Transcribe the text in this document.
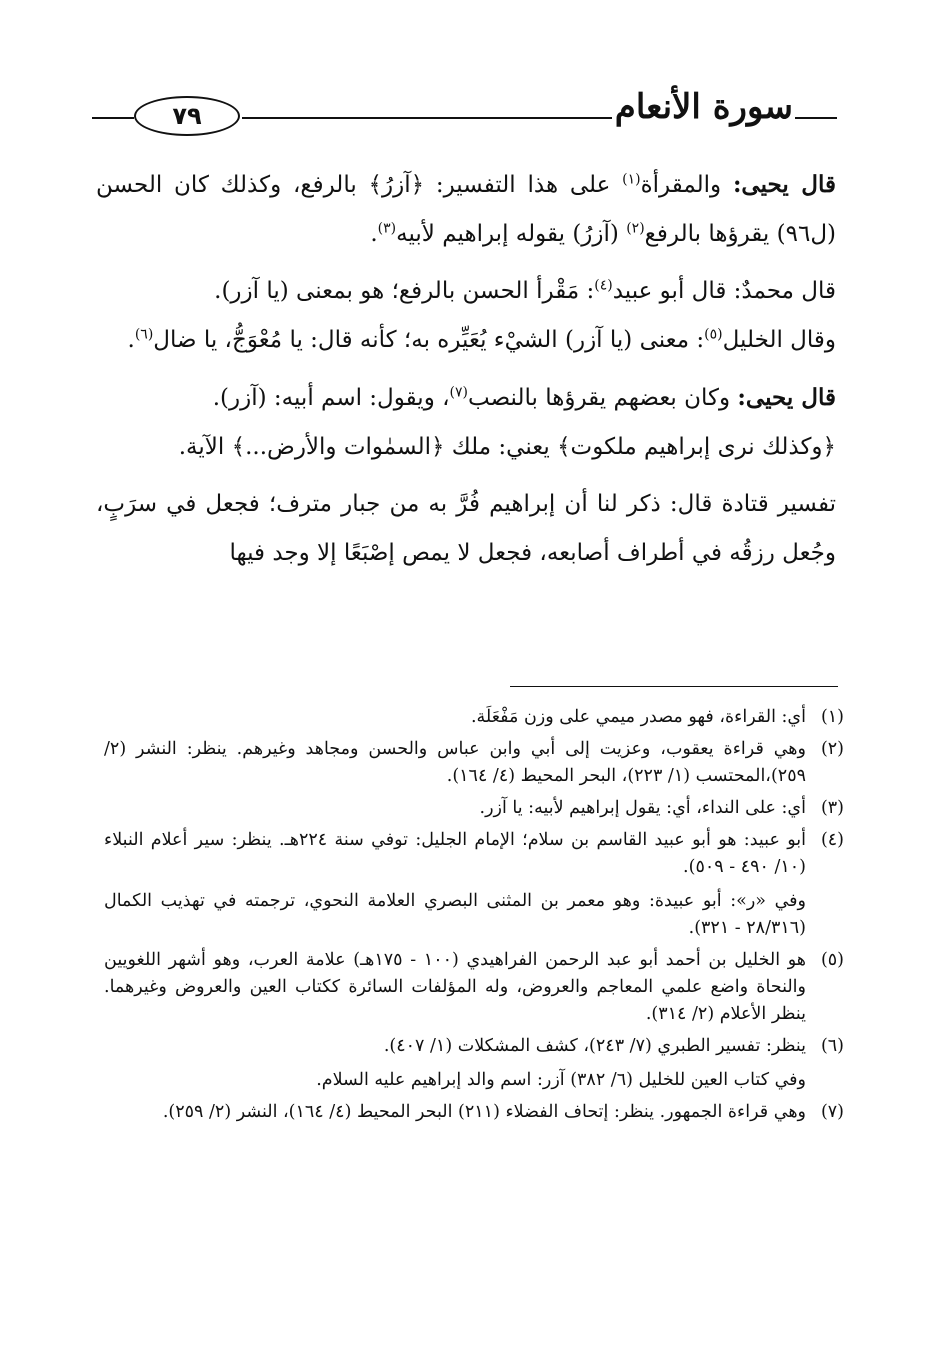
٧٩	سورة الأنعام

قال يحيى: والمقرأة$^{(١)}$ على هذا التفسير: ﴿آزرُ﴾ بالرفع، وكذلك كان الحسن (ل٩٦) يقرؤها بالرفع$^{(٢)}$ (آزرُ) يقوله إبراهيم لأبيه$^{(٣)}$.

قال محمدٌ: قال أبو عبيد$^{(٤)}$: مَقْرأ الحسن بالرفع؛ هو بمعنى (يا آزر).

وقال الخليل$^{(٥)}$: معنى (يا آزر) الشيْء يُعَيِّره به؛ كأنه قال: يا مُعْوَجُّ، يا ضال$^{(٦)}$.

قال يحيى: وكان بعضهم يقرؤها بالنصب$^{(٧)}$، ويقول: اسم أبيه: (آزر).

﴿وكذلك نرى إبراهيم ملكوت﴾ يعني: ملك ﴿السمٰوات والأرض...﴾ الآية.

تفسير قتادة قال: ذكر لنا أن إبراهيم فُرَّ به من جبار مترف؛ فجعل في سرَبٍ، وجُعل رزقُه في أطراف أصابعه، فجعل لا يمص إصْبَعًا إلا وجد فيها

(١)
أي: القراءة، فهو مصدر ميمي على وزن مَفْعَلَة.
(٢)
وهي قراءة يعقوب، وعزيت إلى أبي وابن عباس والحسن ومجاهد وغيرهم. ينظر: النشر (٢/ ٢٥٩)،المحتسب (١/ ٢٢٣)، البحر المحيط (٤/ ١٦٤).
(٣)
أي: على النداء، أي: يقول إبراهيم لأبيه: يا آزر.
(٤)
أبو عبيد: هو أبو عبيد القاسم بن سلام؛ الإمام الجليل: توفي سنة ٢٢٤هـ. ينظر: سير أعلام النبلاء (١٠/ ٤٩٠ - ٥٠٩).
وفي «ر»: أبو عبيدة: وهو معمر بن المثنى البصري العلامة النحوي، ترجمته في تهذيب الكمال (٢٨/٣١٦ - ٣٢١).
(٥)
هو الخليل بن أحمد أبو عبد الرحمن الفراهيدي (١٠٠ - ١٧٥هـ) علامة العرب، وهو أشهر اللغويين والنحاة واضع علمي المعاجم والعروض، وله المؤلفات السائرة ككتاب العين والعروض وغيرهما. ينظر الأعلام (٢/ ٣١٤).
(٦)
ينظر: تفسير الطبري (٧/ ٢٤٣)، كشف المشكلات (١/ ٤٠٧).
وفي كتاب العين للخليل (٦/ ٣٨٢) آزر: اسم والد إبراهيم عليه السلام.
(٧)
وهي قراءة الجمهور. ينظر: إتحاف الفضلاء (٢١١) البحر المحيط (٤/ ١٦٤)، النشر (٢/ ٢٥٩).
